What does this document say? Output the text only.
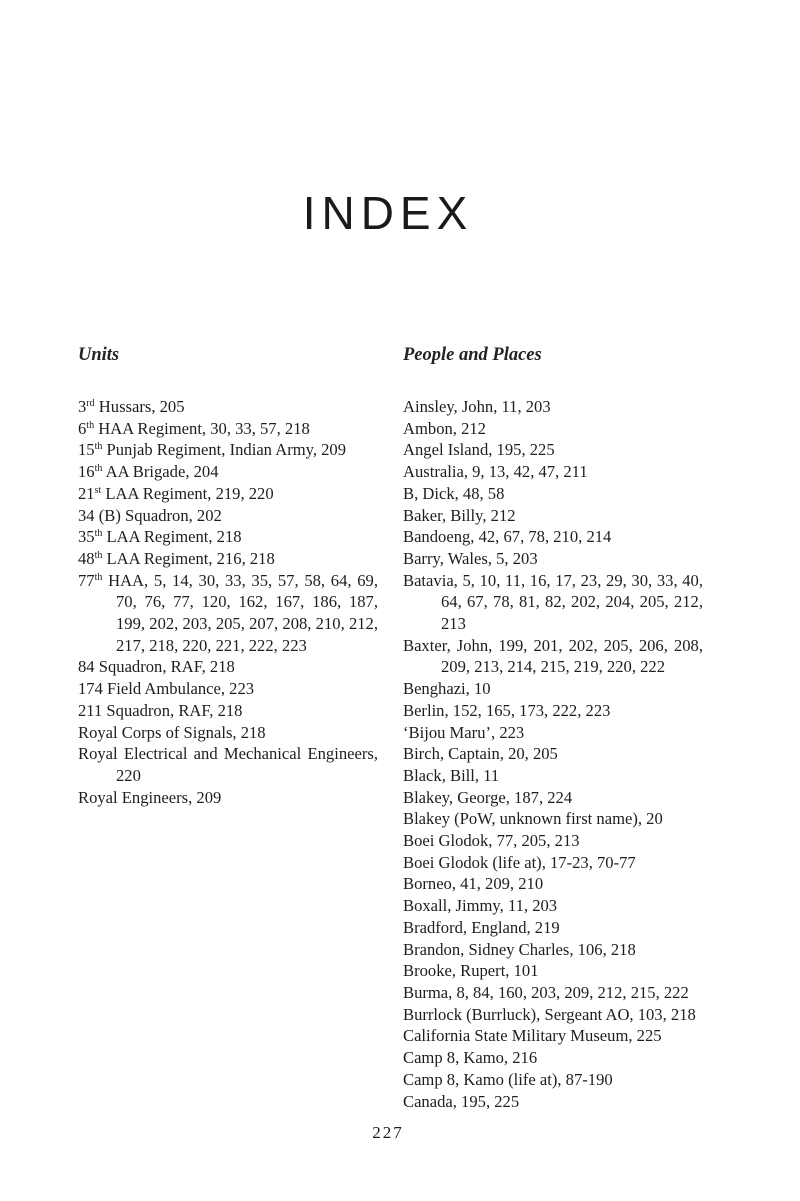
INDEX
Units
3rd Hussars, 205
6th HAA Regiment, 30, 33, 57, 218
15th Punjab Regiment, Indian Army, 209
16th AA Brigade, 204
21st LAA Regiment, 219, 220
34 (B) Squadron, 202
35th LAA Regiment, 218
48th LAA Regiment, 216, 218
77th HAA, 5, 14, 30, 33, 35, 57, 58, 64, 69, 70, 76, 77, 120, 162, 167, 186, 187, 199, 202, 203, 205, 207, 208, 210, 212, 217, 218, 220, 221, 222, 223
84 Squadron, RAF, 218
174 Field Ambulance, 223
211 Squadron, RAF, 218
Royal Corps of Signals, 218
Royal Electrical and Mechanical Engineers, 220
Royal Engineers, 209
People and Places
Ainsley, John, 11, 203
Ambon, 212
Angel Island, 195, 225
Australia, 9, 13, 42, 47, 211
B, Dick, 48, 58
Baker, Billy, 212
Bandoeng, 42, 67, 78, 210, 214
Barry, Wales, 5, 203
Batavia, 5, 10, 11, 16, 17, 23, 29, 30, 33, 40, 64, 67, 78, 81, 82, 202, 204, 205, 212, 213
Baxter, John, 199, 201, 202, 205, 206, 208, 209, 213, 214, 215, 219, 220, 222
Benghazi, 10
Berlin, 152, 165, 173, 222, 223
‘Bijou Maru’, 223
Birch, Captain, 20, 205
Black, Bill, 11
Blakey, George, 187, 224
Blakey (PoW, unknown first name), 20
Boei Glodok, 77, 205, 213
Boei Glodok (life at), 17-23, 70-77
Borneo, 41, 209, 210
Boxall, Jimmy, 11, 203
Bradford, England, 219
Brandon, Sidney Charles, 106, 218
Brooke, Rupert, 101
Burma, 8, 84, 160, 203, 209, 212, 215, 222
Burrlock (Burrluck), Sergeant AO, 103, 218
California State Military Museum, 225
Camp 8, Kamo, 216
Camp 8, Kamo (life at), 87-190
Canada, 195, 225
227
